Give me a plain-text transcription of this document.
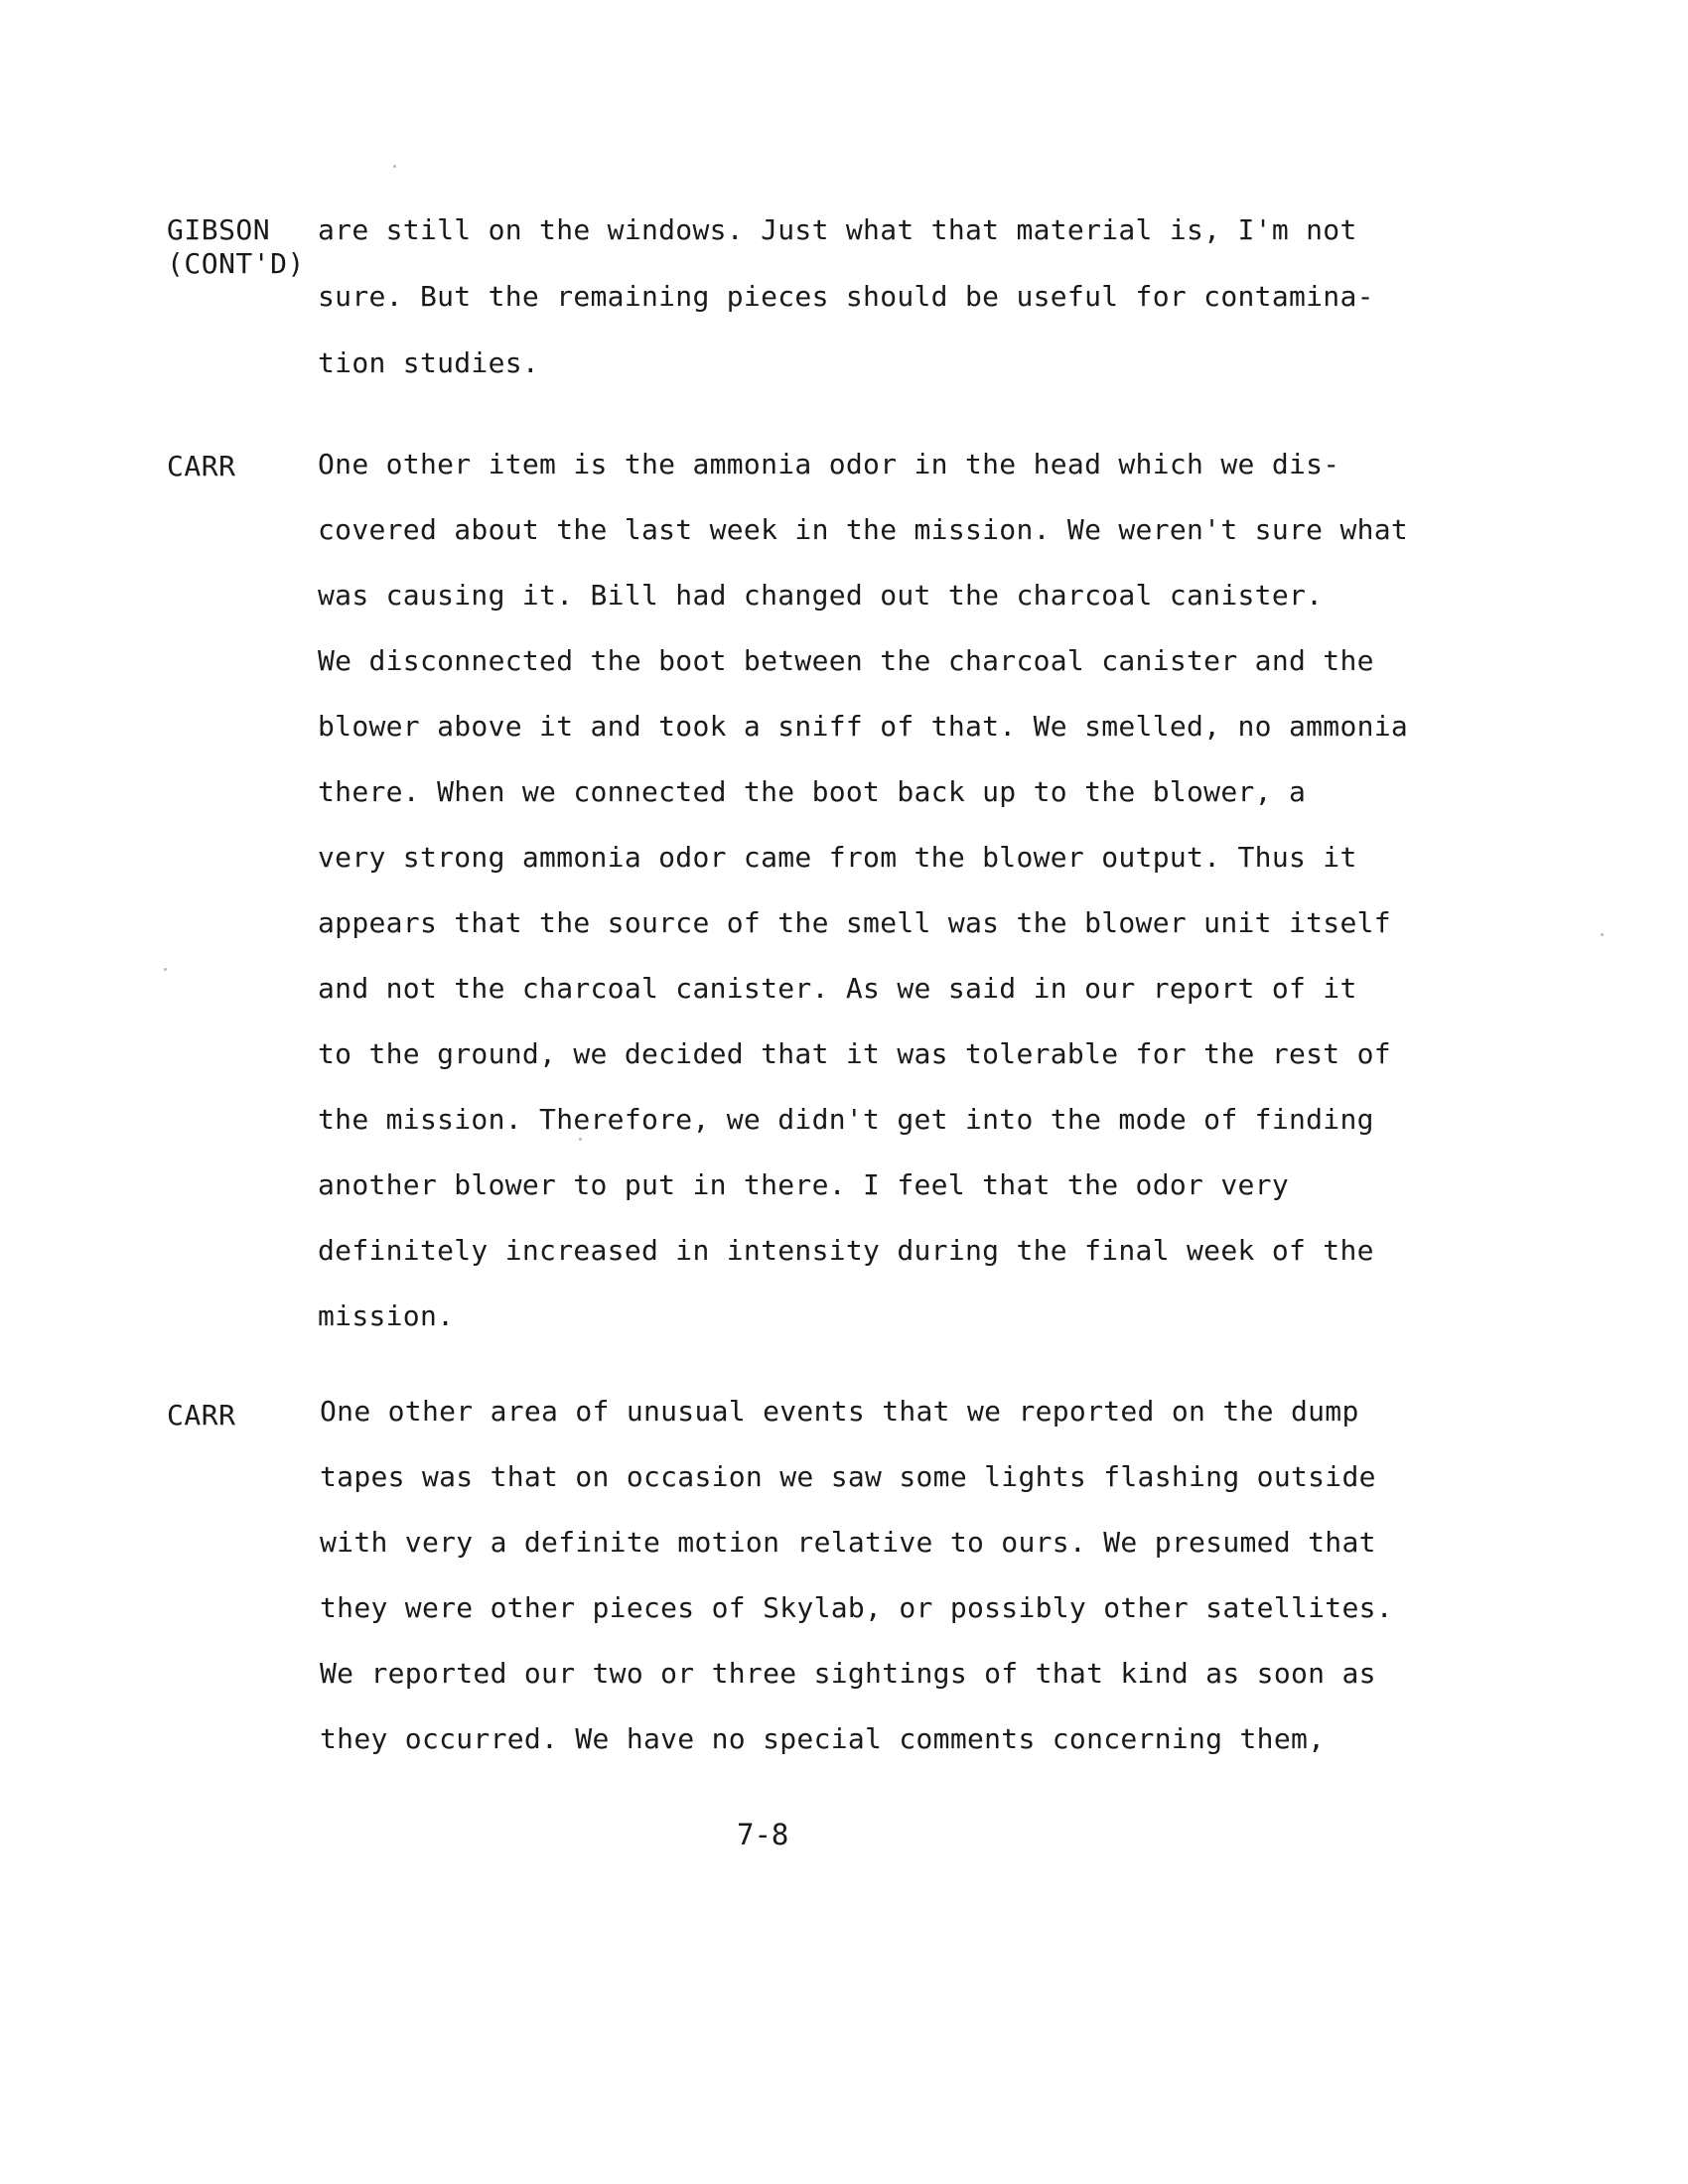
GIBSON
(CONT'D)
are still on the windows. Just what that material is, I'm not
sure. But the remaining pieces should be useful for contamina-
tion studies.
CARR	One other item is the ammonia odor in the head which we dis-
covered about the last week in the mission. We weren't sure what
was causing it. Bill had changed out the charcoal canister.
We disconnected the boot between the charcoal canister and the
blower above it and took a sniff of that. We smelled, no ammonia
there. When we connected the boot back up to the blower, a
very strong ammonia odor came from the blower output. Thus it
appears that the source of the smell was the blower unit itself
and not the charcoal canister. As we said in our report of it
to the ground, we decided that it was tolerable for the rest of
the mission. Therefore, we didn't get into the mode of finding
another blower to put in there. I feel that the odor very
definitely increased in intensity during the final week of the
mission.
CARR	One other area of unusual events that we reported on the dump
tapes was that on occasion we saw some lights flashing outside
with very a definite motion relative to ours. We presumed that
they were other pieces of Skylab, or possibly other satellites.
We reported our two or three sightings of that kind as soon as
they occurred. We have no special comments concerning them,
7-8
